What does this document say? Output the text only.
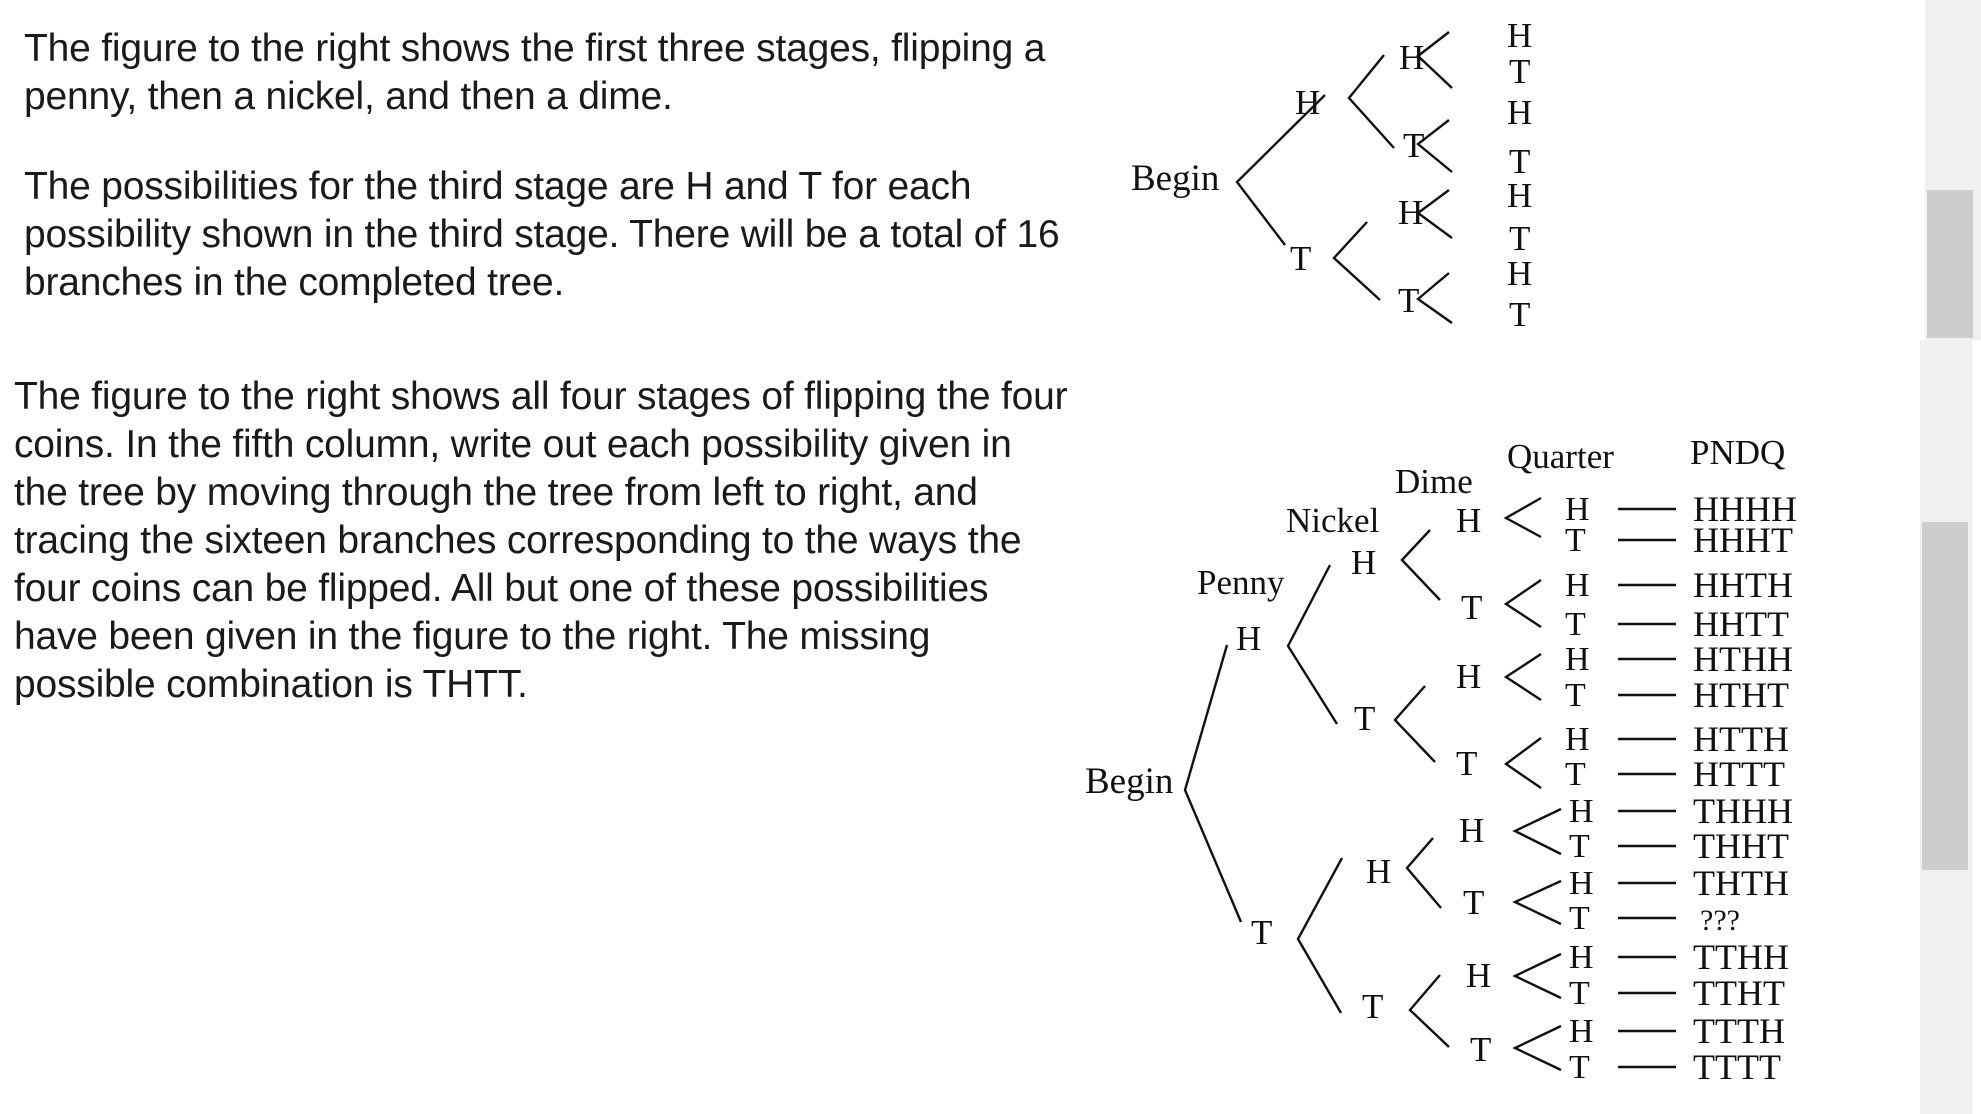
The figure to the right shows the first three stages, flipping a penny, then a nickel, and then a dime.

The possibilities for the third stage are H and T for each possibility shown in the third stage. There will be a total of 16 branches in the completed tree.

The figure to the right shows all four stages of flipping the four coins. In the fifth column, write out each possibility given in the tree by moving through the tree from left to right, and tracing the sixteen branches corresponding to the ways the four coins can be flipped. All but one of these possibilities have been given in the figure to the right. The missing possible combination is THTT.

Begin
H
T
H
T
H
T
H
T
H
T
H
T
H
T
Penny
Nickel
Dime
Quarter PNDQ
Begin
H
T
H
T
H
T
H
T
H
T
H
T
H
T
H
T
H
T
H
T
H
T
H
T
H
T
H
T
H
T
HHHH
HHHT
HHTH
HHTT
HTHH
HTHT
HTTH
HTTT
THHH
THHT
THTH
???
TTHH
TTHT
TTTH
TTTT
